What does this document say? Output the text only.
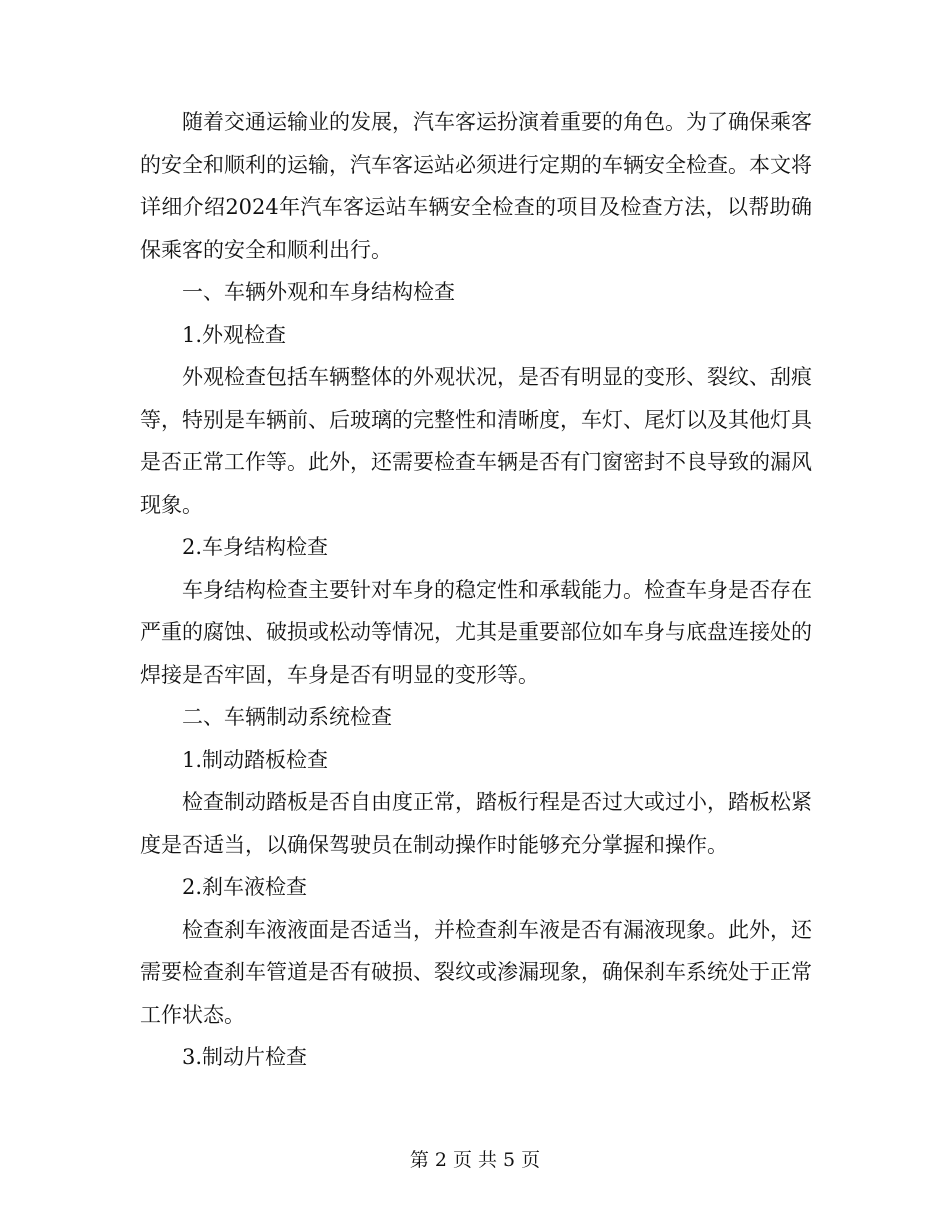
随着交通运输业的发展，汽车客运扮演着重要的角色。为了确保乘客的安全和顺利的运输，汽车客运站必须进行定期的车辆安全检查。本文将详细介绍2024年汽车客运站车辆安全检查的项目及检查方法，以帮助确保乘客的安全和顺利出行。

一、车辆外观和车身结构检查

1.外观检查

外观检查包括车辆整体的外观状况，是否有明显的变形、裂纹、刮痕等，特别是车辆前、后玻璃的完整性和清晰度，车灯、尾灯以及其他灯具是否正常工作等。此外，还需要检查车辆是否有门窗密封不良导致的漏风现象。

2.车身结构检查

车身结构检查主要针对车身的稳定性和承载能力。检查车身是否存在严重的腐蚀、破损或松动等情况，尤其是重要部位如车身与底盘连接处的焊接是否牢固，车身是否有明显的变形等。

二、车辆制动系统检查

1.制动踏板检查

检查制动踏板是否自由度正常，踏板行程是否过大或过小，踏板松紧度是否适当，以确保驾驶员在制动操作时能够充分掌握和操作。

2.刹车液检查

检查刹车液液面是否适当，并检查刹车液是否有漏液现象。此外，还需要检查刹车管道是否有破损、裂纹或渗漏现象，确保刹车系统处于正常工作状态。

3.制动片检查

第 2 页 共 5 页
